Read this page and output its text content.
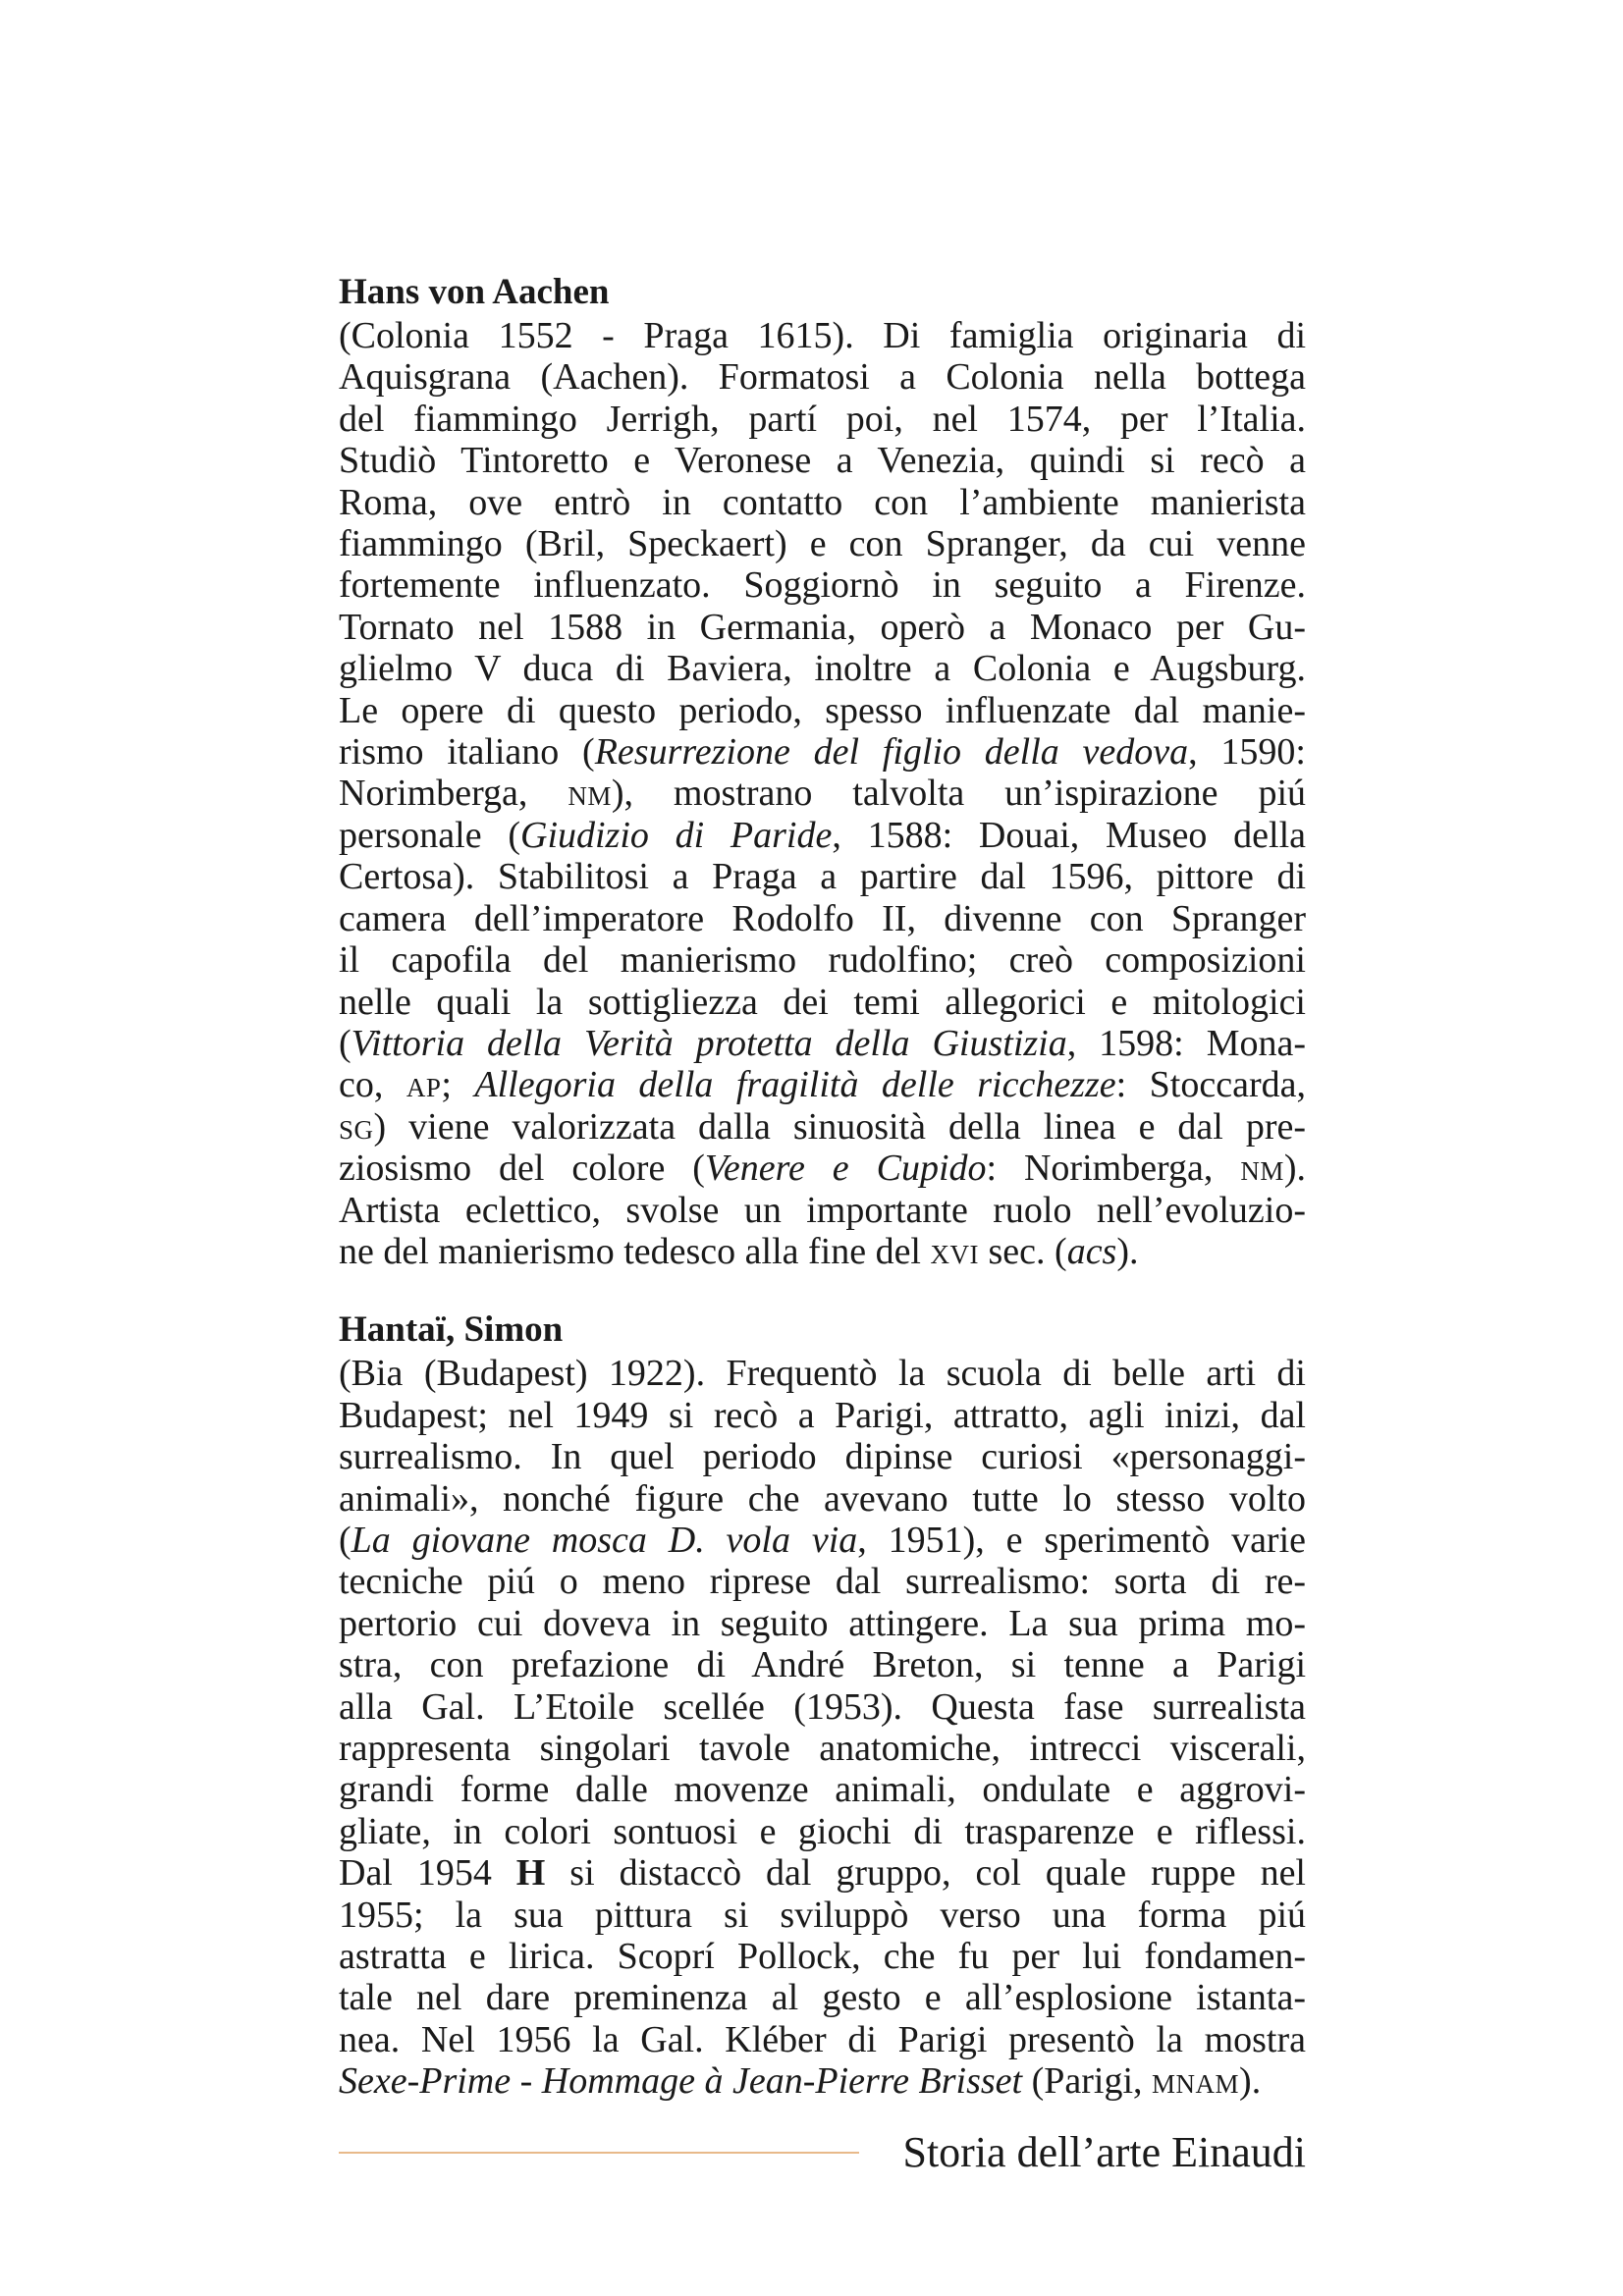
Hans von Aachen
(Colonia 1552 - Praga 1615). Di famiglia originaria di
Aquisgrana (Aachen). Formatosi a Colonia nella bottega
del fiammingo Jerrigh, partí poi, nel 1574, per l’Italia.
Studiò Tintoretto e Veronese a Venezia, quindi si recò a
Roma, ove entrò in contatto con l’ambiente manierista
fiammingo (Bril, Speckaert) e con Spranger, da cui venne
fortemente influenzato. Soggiornò in seguito a Firenze.
Tornato nel 1588 in Germania, operò a Monaco per Gu-
glielmo V duca di Baviera, inoltre a Colonia e Augsburg.
Le opere di questo periodo, spesso influenzate dal manie-
rismo italiano (Resurrezione del figlio della vedova, 1590:
Norimberga, nm), mostrano talvolta un’ispirazione piú
personale (Giudizio di Paride, 1588: Douai, Museo della
Certosa). Stabilitosi a Praga a partire dal 1596, pittore di
camera dell’imperatore Rodolfo II, divenne con Spranger
il capofila del manierismo rudolfino; creò composizioni
nelle quali la sottigliezza dei temi allegorici e mitologici
(Vittoria della Verità protetta della Giustizia, 1598: Mona-
co, ap; Allegoria della fragilità delle ricchezze: Stoccarda,
sg) viene valorizzata dalla sinuosità della linea e dal pre-
ziosismo del colore (Venere e Cupido: Norimberga, nm).
Artista eclettico, svolse un importante ruolo nell’evoluzio-
ne del manierismo tedesco alla fine del xvi sec. (acs).
Hantaï, Simon
(Bia (Budapest) 1922). Frequentò la scuola di belle arti di
Budapest; nel 1949 si recò a Parigi, attratto, agli inizi, dal
surrealismo. In quel periodo dipinse curiosi «personaggi-
animali», nonché figure che avevano tutte lo stesso volto
(La giovane mosca D. vola via, 1951), e sperimentò varie
tecniche piú o meno riprese dal surrealismo: sorta di re-
pertorio cui doveva in seguito attingere. La sua prima mo-
stra, con prefazione di André Breton, si tenne a Parigi
alla Gal. L’Etoile scellée (1953). Questa fase surrealista
rappresenta singolari tavole anatomiche, intrecci viscerali,
grandi forme dalle movenze animali, ondulate e aggrovi-
gliate, in colori sontuosi e giochi di trasparenze e riflessi.
Dal 1954 H si distaccò dal gruppo, col quale ruppe nel
1955; la sua pittura si sviluppò verso una forma piú
astratta e lirica. Scoprí Pollock, che fu per lui fondamen-
tale nel dare preminenza al gesto e all’esplosione istanta-
nea. Nel 1956 la Gal. Kléber di Parigi presentò la mostra
Sexe-Prime - Hommage à Jean-Pierre Brisset (Parigi, mnam).
Storia dell’arte Einaudi
